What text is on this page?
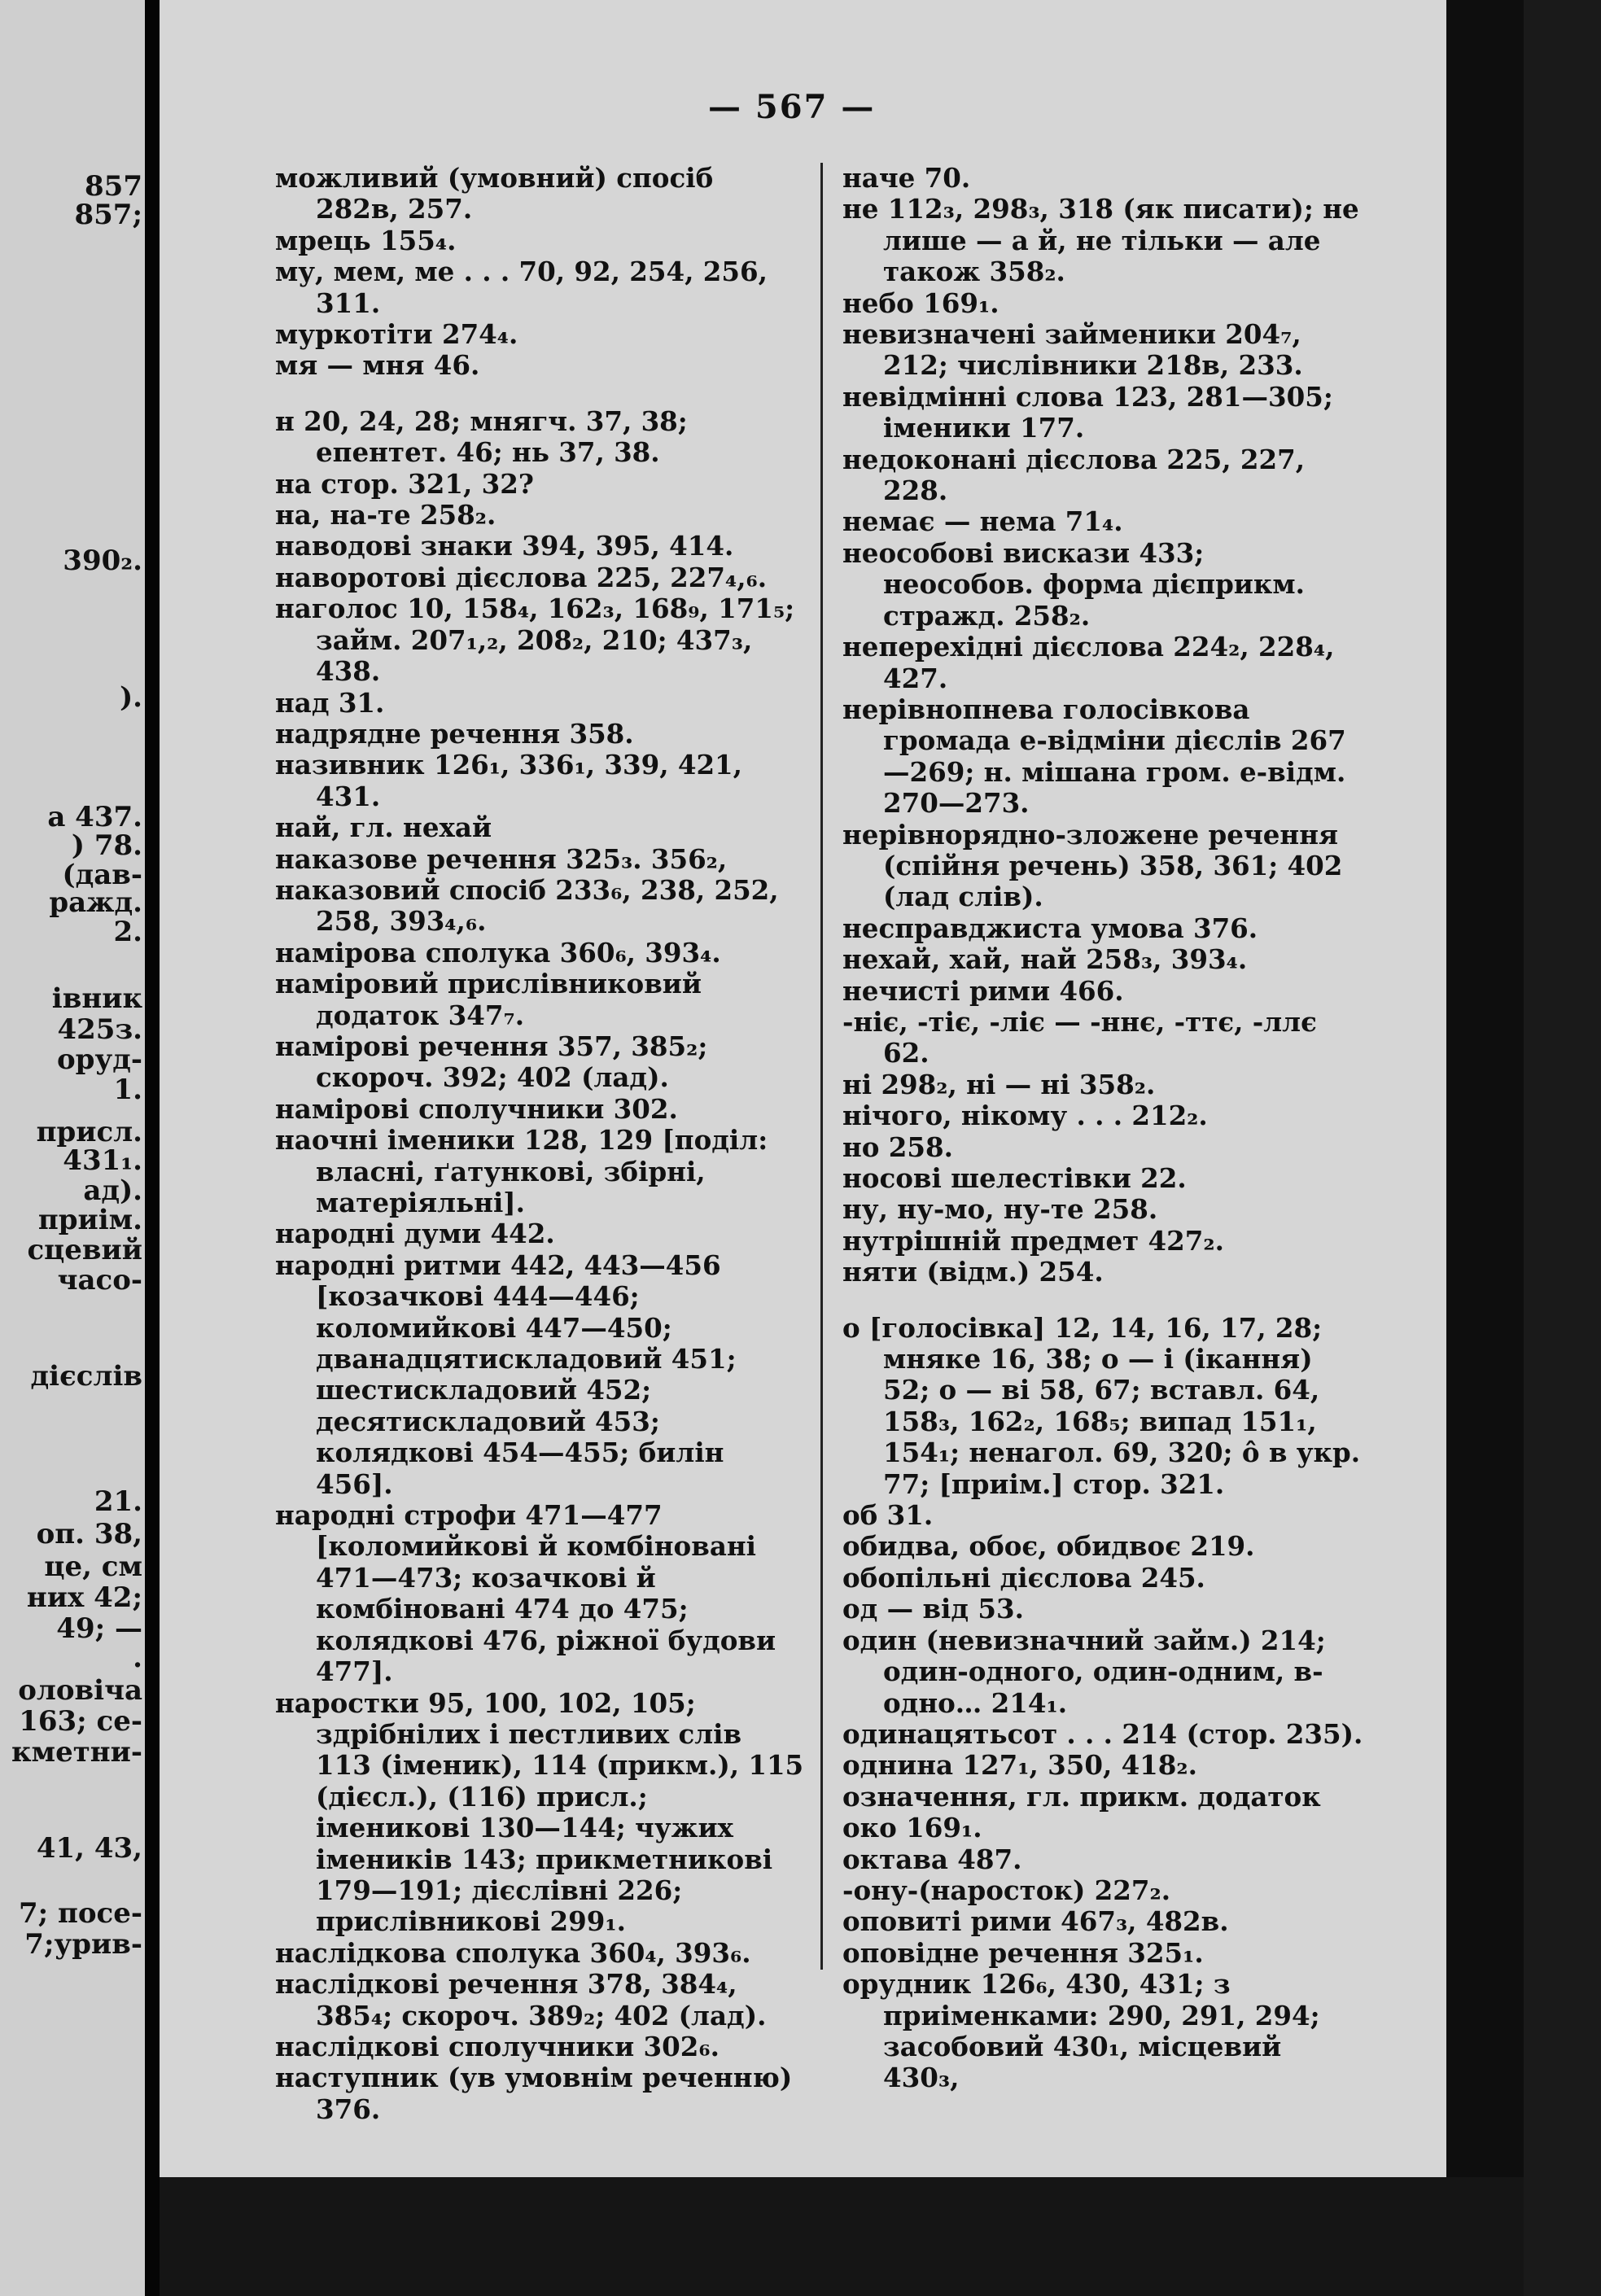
857
857;
390₂.
).
а 437.
) 78.
(дав-
ражд.
2.
івник
425з.
оруд-
1.
присл.
431₁.
ад).
приім.
сцевий
часо-
дієслів
21.
оп. 38,
це, см
них 42;
49; —
.
оловіча
163; се-
кметни-
41, 43,
7; посе-
7;урив-
— 567 —

можливий (умовний) спосіб 282в, 257.

мрець 155₄.

му, мем, ме . . . 70, 92, 254, 256, 311.

муркотіти 274₄.

мя — мня 46.

н 20, 24, 28; мнягч. 37, 38; епентет. 46; нь 37, 38.

на стор. 321, 32?

на, на-те 258₂.

наводові знаки 394, 395, 414.

наворотові дієслова 225, 227₄,₆.

наголос 10, 158₄, 162₃, 168₉, 171₅; займ. 207₁,₂, 208₂, 210; 437₃, 438.

над 31.

надрядне речення 358.

називник 126₁, 336₁, 339, 421, 431.

най, гл. нехай

наказове речення 325₃. 356₂,

наказовий спосіб 233₆, 238, 252, 258, 393₄,₆.

намірова сполука 360₆, 393₄.

намірoвий прислівниковий додаток 347₇.

намірові речення 357, 385₂; скороч. 392; 402 (лад).

намірові сполучники 302.

наочні іменики 128, 129 [поділ: власні, ґатункові, збірні, матеріяльні].

народні думи 442.

народні ритми 442, 443—456 [козачкові 444—446; коломийкові 447—450; дванадцятискладовий 451; шестискладовий 452; десятискладовий 453; колядкові 454—455; билін 456].

народні строфи 471—477 [коломийкові й комбіновані 471—473; козачкові й комбіновані 474 до 475; колядкові 476, ріжної будови 477].

наростки 95, 100, 102, 105; здрібнілих і пестливих слів 113 (іменик), 114 (прикм.), 115 (дієсл.), (116) присл.; іменикові 130—144; чужих іменикiв 143; прикметникові 179—191; дієслівні 226; прислівникові 299₁.

наслідкова сполука 360₄, 393₆.

наслідкові речення 378, 384₄, 385₄; скороч. 389₂; 402 (лад).

наслідкові сполучники 302₆.

наступник (ув умовнім реченню) 376.

наче 70.

не 112₃, 298₃, 318 (як писати); не лише — а й, не тільки — але також 358₂.

небо 169₁.

невизначені займеники 204₇, 212; числівники 218в, 233.

невідмінні слова 123, 281—305; іменики 177.

недоконані дієслова 225, 227, 228.

немає — нема 71₄.

неособові вискази 433; неособов. форма дієприкм. стражд. 258₂.

неперехідні дієслова 224₂, 228₄, 427.

нерівнопнева голосівкова громада е-відміни дієслів 267—269; н. мішана гром. е-відм. 270—273.

нерівнорядно-зложене речення (спійня речень) 358, 361; 402 (лад слів).

нeспрaвджиcта умова 376.

нехай, хай, най 258₃, 393₄.

нечисті рими 466.

-ніє, -тіє, -ліє — -ннє, -ттє, -ллє 62.

ні 298₂, ні — ні 358₂.

нічого, нікому . . . 212₂.

но 258.

носові шелестівки 22.

ну, ну-мо, ну-те 258.

нутрішній предмет 427₂.

няти (відм.) 254.

о [голосівка] 12, 14, 16, 17, 28; мняке 16, 38; о — і (ікання) 52; о — ві 58, 67; вставл. 64, 158₃, 162₂, 168₅; випад 151₁, 154₁; ненагол. 69, 320; ô в укр. 77; [приім.] стор. 321.

об 31.

обидва, обоє, обидвоє 219.

обопільні дієслова 245.

од — від 53.

один (невизначний займ.) 214; один-одного, один-одним, в-одно… 214₁.

одинацятьсот . . . 214 (стор. 235).

однина 127₁, 350, 418₂.

означення, гл. прикм. додаток

око 169₁.

октава 487.

-ону-(наросток) 227₂.

оповиті рими 467₃, 482в.

оповідне речення 325₁.

орудник 126₆, 430, 431; з приіменками: 290, 291, 294; засобовий 430₁, місцевий 430₃,
